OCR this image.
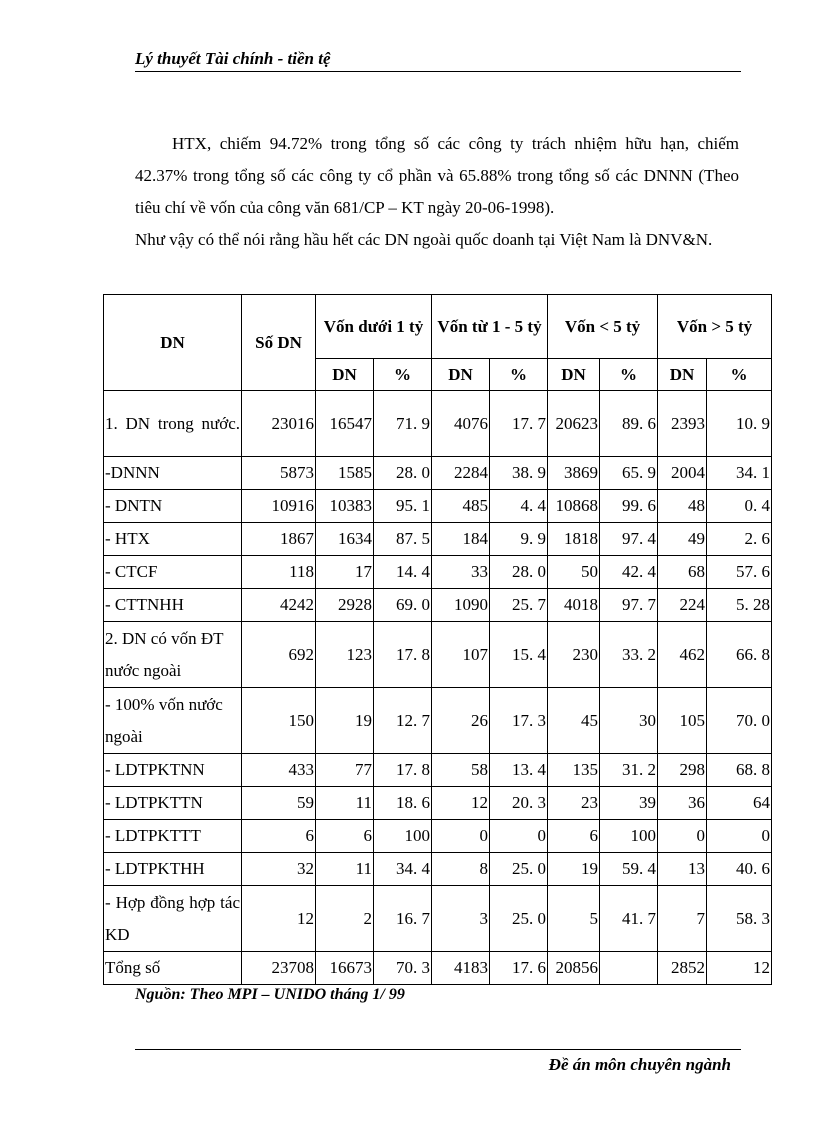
Lý thuyết Tài chính - tiền tệ

HTX, chiếm 94.72% trong tổng số các công ty trách nhiệm hữu hạn, chiếm 42.37% trong tổng số các công ty cổ phần và 65.88% trong tổng số các DNNN (Theo tiêu chí về vốn của công văn 681/CP – KT ngày 20-06-1998).

Như vậy có thể nói rằng hầu hết các DN ngoài quốc doanh tại Việt Nam là DNV&N.

DN	Số DN	Vốn dưới 1 tỷ		Vốn từ 1 - 5 tỷ		Vốn < 5 tỷ		Vốn > 5 tỷ	
		DN	%	DN	%	DN	%	DN	%
1. DN trong nước.	23016	16547	71. 9	4076	17. 7	20623	89. 6	2393	10. 9
-DNNN	5873	1585	28. 0	2284	38. 9	3869	65. 9	2004	34. 1
- DNTN	10916	10383	95. 1	485	4. 4	10868	99. 6	48	0. 4
- HTX	1867	1634	87. 5	184	9. 9	1818	97. 4	49	2. 6
- CTCF	118	17	14. 4	33	28. 0	50	42. 4	68	57. 6
- CTTNHH	4242	2928	69. 0	1090	25. 7	4018	97. 7	224	5. 28
2. DN có vốn ĐT nước ngoài	692	123	17. 8	107	15. 4	230	33. 2	462	66. 8
- 100% vốn nước ngoài	150	19	12. 7	26	17. 3	45	30	105	70. 0
- LDTPKTNN	433	77	17. 8	58	13. 4	135	31. 2	298	68. 8
- LDTPKTTN	59	11	18. 6	12	20. 3	23	39	36	64
- LDTPKTTT	6	6	100	0	0	6	100	0	0
- LDTPKTHH	32	11	34. 4	8	25. 0	19	59. 4	13	40. 6
- Hợp đồng hợp tác KD	12	2	16. 7	3	25. 0	5	41. 7	7	58. 3
Tổng số	23708	16673	70. 3	4183	17. 6	20856		2852	12
Nguồn: Theo MPI – UNIDO tháng 1/ 99
Đề án môn chuyên ngành
